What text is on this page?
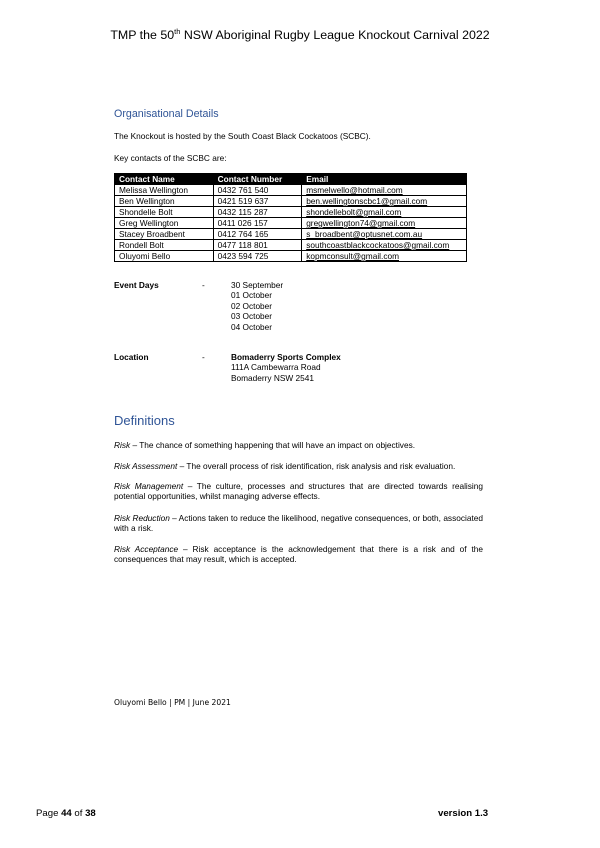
TMP the 50th NSW Aboriginal Rugby League Knockout Carnival 2022
Organisational Details
The Knockout is hosted by the South Coast Black Cockatoos (SCBC).
Key contacts of the SCBC are:
Contact Name	Contact Number	Email
Melissa Wellington	0432 761 540	msmelwello@hotmail.com
Ben Wellington	0421 519 637	ben.wellingtonscbc1@gmail.com
Shondelle Bolt	0432 115 287	shondellebolt@gmail.com
Greg Wellington	0411 026 157	gregwellington74@gmail.com
Stacey Broadbent	0412 764 165	s_broadbent@optusnet.com.au
Rondell Bolt	0477 118 801	southcoastblackcockatoos@gmail.com
Oluyomi Bello	0423 594 725	kopmconsult@gmail.com
Event Days	-	30 September
01 October
02 October
03 October
04 October
Location	-	Bomaderry Sports Complex
111A Cambewarra Road
Bomaderry NSW 2541
Definitions
Risk – The chance of something happening that will have an impact on objectives.
Risk Assessment – The overall process of risk identification, risk analysis and risk evaluation.
Risk Management – The culture, processes and structures that are directed towards realising potential opportunities, whilst managing adverse effects.
Risk Reduction – Actions taken to reduce the likelihood, negative consequences, or both, associated with a risk.
Risk Acceptance – Risk acceptance is the acknowledgement that there is a risk and of the consequences that may result, which is accepted.
Oluyomi Bello | PM | June 2021
Page 44 of 38	version 1.3
